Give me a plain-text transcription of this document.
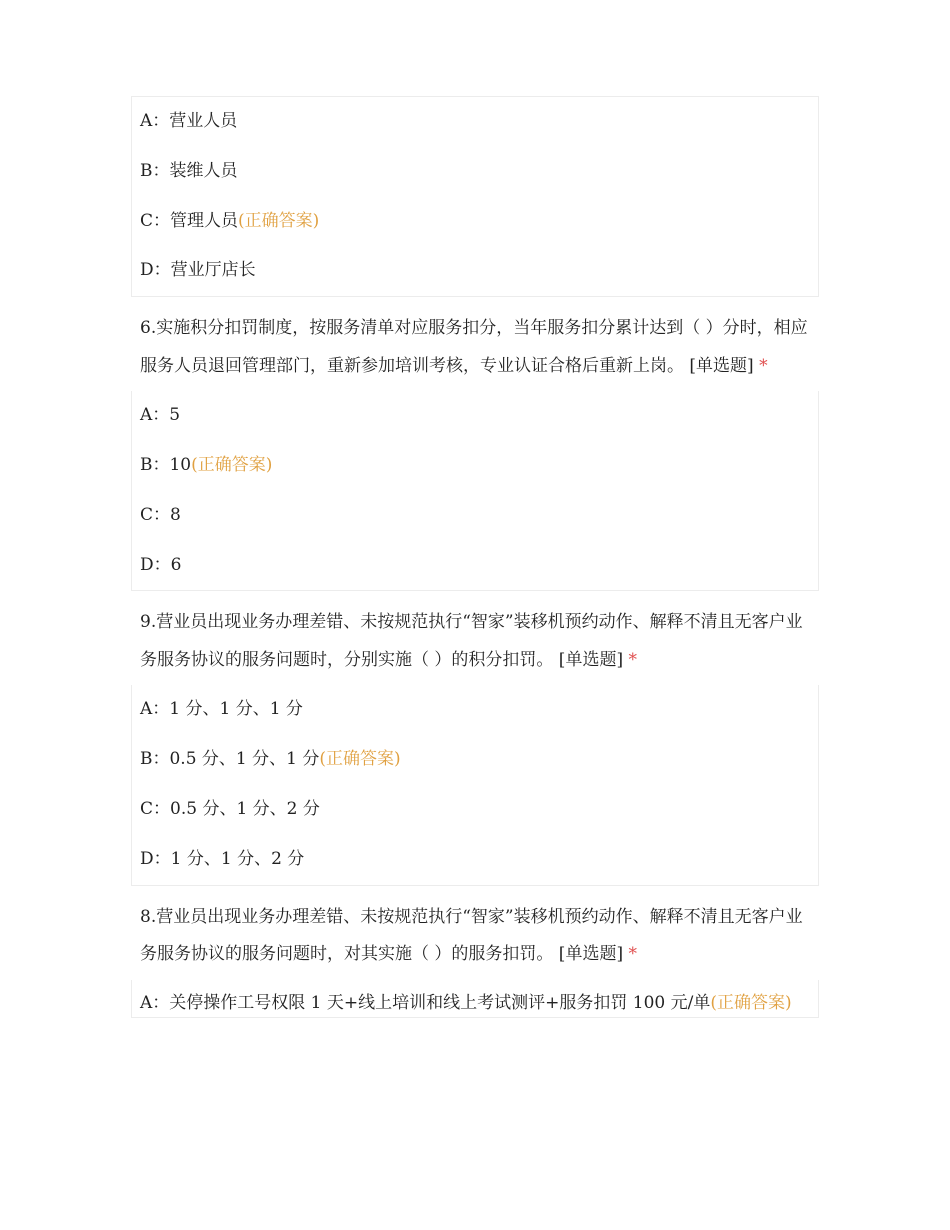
A：营业人员
B：装维人员
C：管理人员(正确答案)
D：营业厅店长
6.实施积分扣罚制度，按服务清单对应服务扣分，当年服务扣分累计达到（ ）分时，相应服务人员退回管理部门，重新参加培训考核，专业认证合格后重新上岗。 [单选题] *
A：5
B：10(正确答案)
C：8
D：6
9.营业员出现业务办理差错、未按规范执行“智家”装移机预约动作、解释不清且无客户业务服务协议的服务问题时，分别实施（ ）的积分扣罚。 [单选题] *
A：1 分、1 分、1 分
B：0.5 分、1 分、1 分(正确答案)
C：0.5 分、1 分、2 分
D：1 分、1 分、2 分
8.营业员出现业务办理差错、未按规范执行“智家”装移机预约动作、解释不清且无客户业务服务协议的服务问题时，对其实施（ ）的服务扣罚。 [单选题] *
A：关停操作工号权限 1 天+线上培训和线上考试测评+服务扣罚 100 元/单(正确答案)
